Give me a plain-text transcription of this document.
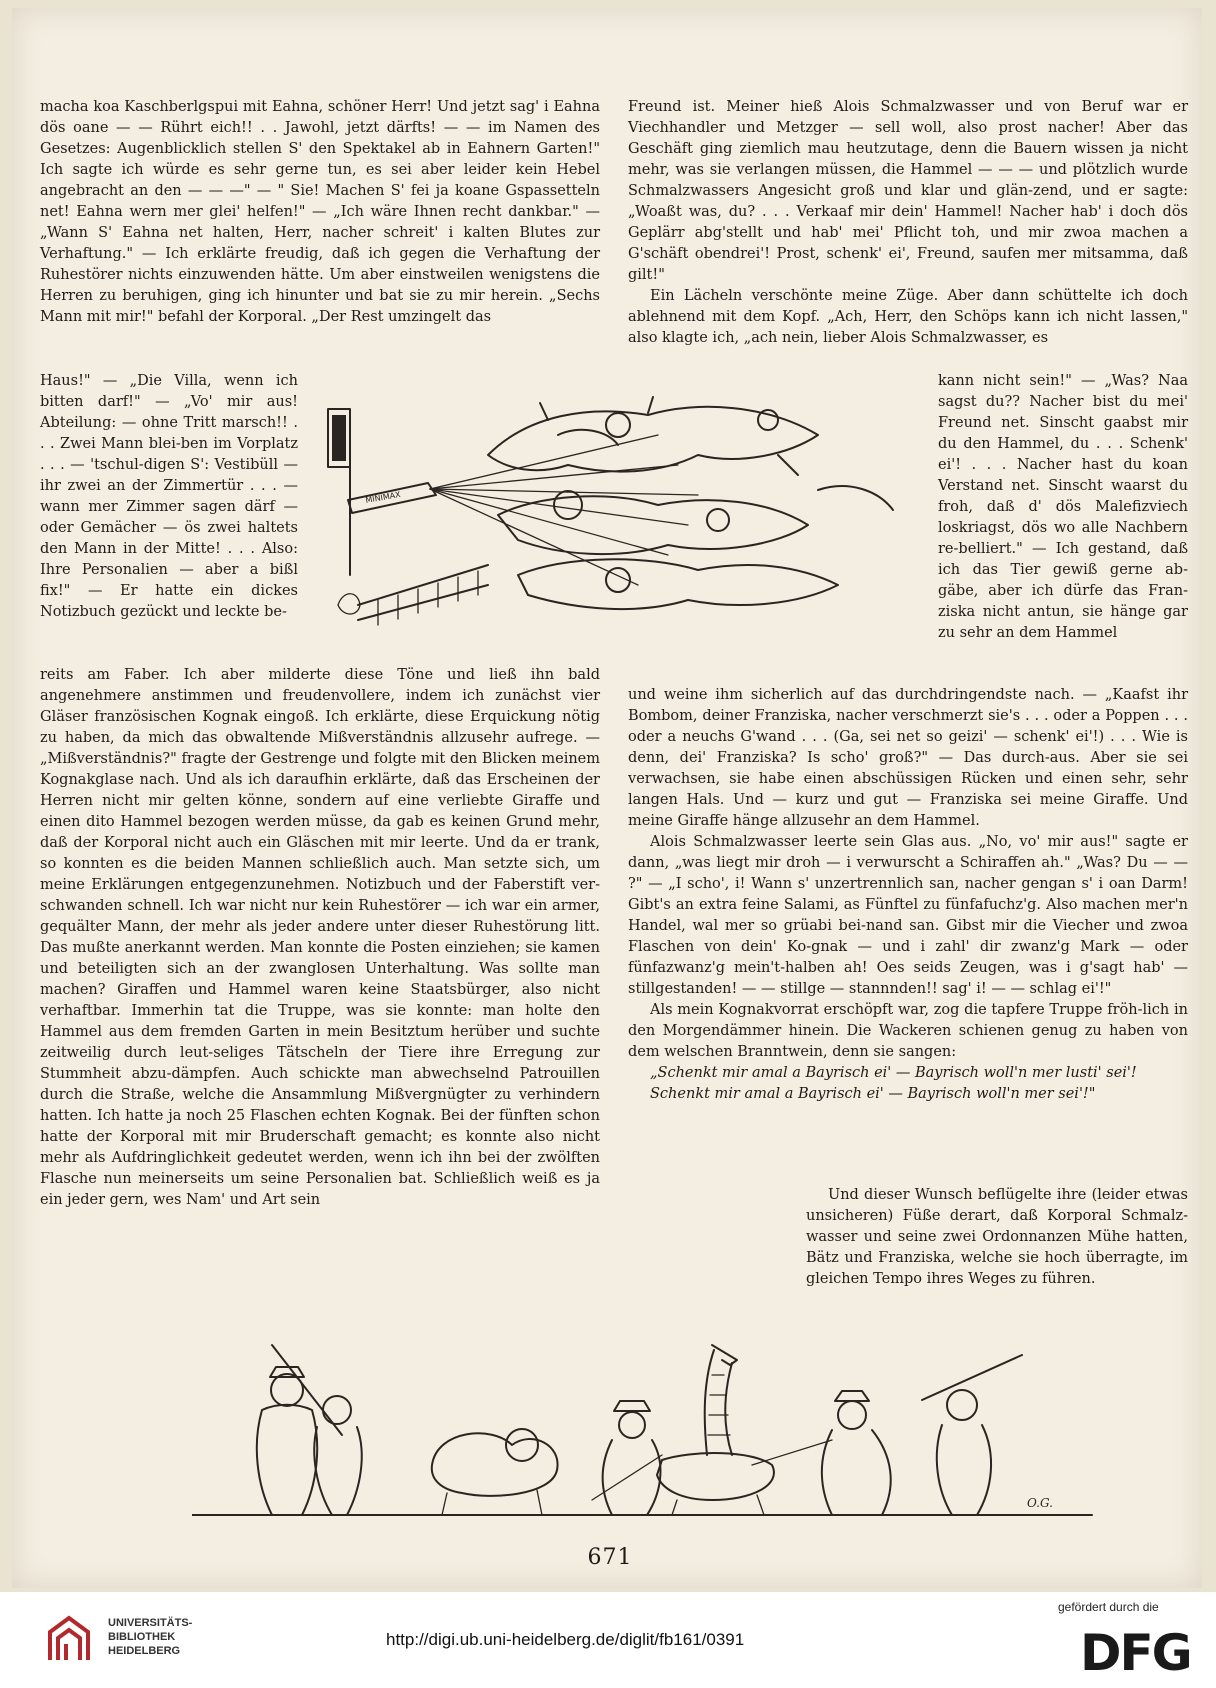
macha koa Kaschberlgspui mit Eahna, schöner Herr! Und jetzt sag' i Eahna dös oane — — Rührt eich!! . . Jawohl, jetzt därfts! — — im Namen des Gesetzes: Augenblicklich stellen S' den Spektakel ab in Eahnern Garten!" Ich sagte ich würde es sehr gerne tun, es sei aber leider kein Hebel angebracht an den — — —" — " Sie! Machen S' fei ja koane Gspassetteln net! Eahna wern mer glei' helfen!" — „Ich wäre Ihnen recht dankbar." — „Wann S' Eahna net halten, Herr, nacher schreit' i kalten Blutes zur Verhaftung." — Ich erklärte freudig, daß ich gegen die Verhaftung der Ruhestörer nichts einzuwenden hätte. Um aber einstweilen wenigstens die Herren zu beruhigen, ging ich hinunter und bat sie zu mir herein. „Sechs Mann mit mir!" befahl der Korporal. „Der Rest umzingelt das

Haus!" — „Die Villa, wenn ich bitten darf!" — „Vo' mir aus! Abteilung: — ohne Tritt marsch!! . . . Zwei Mann blei-ben im Vorplatz . . . — 'tschul-digen S': Vestibüll — ihr zwei an der Zimmertür . . . — wann mer Zimmer sagen därf — oder Gemächer — ös zwei haltets den Mann in der Mitte! . . . Also: Ihre Personalien — aber a bißl fix!" — Er hatte ein dickes Notizbuch gezückt und leckte be-

reits am Faber. Ich aber milderte diese Töne und ließ ihn bald angenehmere anstimmen und freudenvollere, indem ich zunächst vier Gläser französischen Kognak eingoß. Ich erklärte, diese Erquickung nötig zu haben, da mich das obwaltende Mißverständnis allzusehr aufrege. — „Mißverständnis?" fragte der Gestrenge und folgte mit den Blicken meinem Kognakglase nach. Und als ich daraufhin erklärte, daß das Erscheinen der Herren nicht mir gelten könne, sondern auf eine verliebte Giraffe und einen dito Hammel bezogen werden müsse, da gab es keinen Grund mehr, daß der Korporal nicht auch ein Gläschen mit mir leerte. Und da er trank, so konnten es die beiden Mannen schließlich auch. Man setzte sich, um meine Erklärungen entgegenzunehmen. Notizbuch und der Faberstift ver-schwanden schnell. Ich war nicht nur kein Ruhestörer — ich war ein armer, gequälter Mann, der mehr als jeder andere unter dieser Ruhestörung litt. Das mußte anerkannt werden. Man konnte die Posten einziehen; sie kamen und beteiligten sich an der zwanglosen Unterhaltung. Was sollte man machen? Giraffen und Hammel waren keine Staatsbürger, also nicht verhaftbar. Immerhin tat die Truppe, was sie konnte: man holte den Hammel aus dem fremden Garten in mein Besitztum herüber und suchte zeitweilig durch leut-seliges Tätscheln der Tiere ihre Erregung zur Stummheit abzu-dämpfen. Auch schickte man abwechselnd Patrouillen durch die Straße, welche die Ansammlung Mißvergnügter zu verhindern hatten. Ich hatte ja noch 25 Flaschen echten Kognak. Bei der fünften schon hatte der Korporal mit mir Bruderschaft gemacht; es konnte also nicht mehr als Aufdringlichkeit gedeutet werden, wenn ich ihn bei der zwölften Flasche nun meinerseits um seine Personalien bat. Schließlich weiß es ja ein jeder gern, wes Nam' und Art sein

Freund ist. Meiner hieß Alois Schmalzwasser und von Beruf war er Viechhandler und Metzger — sell woll, also prost nacher! Aber das Geschäft ging ziemlich mau heutzutage, denn die Bauern wissen ja nicht mehr, was sie verlangen müssen, die Hammel — — — und plötzlich wurde Schmalzwassers Angesicht groß und klar und glän-zend, und er sagte: „Woaßt was, du? . . . Verkaaf mir dein' Hammel! Nacher hab' i doch dös Geplärr abg'stellt und hab' mei' Pflicht toh, und mir zwoa machen a G'schäft obendrei'! Prost, schenk' ei', Freund, saufen mer mitsamma, daß gilt!"

Ein Lächeln verschönte meine Züge. Aber dann schüttelte ich doch ablehnend mit dem Kopf. „Ach, Herr, den Schöps kann ich nicht lassen," also klagte ich, „ach nein, lieber Alois Schmalzwasser, es

kann nicht sein!" — „Was? Naa sagst du?? Nacher bist du mei' Freund net. Sinscht gaabst mir du den Hammel, du . . . Schenk' ei'! . . . Nacher hast du koan Verstand net. Sinscht waarst du froh, daß d' dös Malefizviech loskriagst, dös wo alle Nachbern re-belliert." — Ich gestand, daß ich das Tier gewiß gerne ab-gäbe, aber ich dürfe das Fran-ziska nicht antun, sie hänge gar zu sehr an dem Hammel

und weine ihm sicherlich auf das durchdringendste nach. — „Kaafst ihr Bombom, deiner Franziska, nacher verschmerzt sie's . . . oder a Poppen . . . oder a neuchs G'wand . . . (Ga, sei net so geizi' — schenk' ei'!) . . . Wie is denn, dei' Franziska? Is scho' groß?" — Das durch-aus. Aber sie sei verwachsen, sie habe einen abschüssigen Rücken und einen sehr, sehr langen Hals. Und — kurz und gut — Franziska sei meine Giraffe. Und meine Giraffe hänge allzusehr an dem Hammel.

Alois Schmalzwasser leerte sein Glas aus. „No, vo' mir aus!" sagte er dann, „was liegt mir droh — i verwurscht a Schiraffen ah." „Was? Du — — ?" — „I scho', i! Wann s' unzertrennlich san, nacher gengan s' i oan Darm! Gibt's an extra feine Salami, as Fünftel zu fünfafuchz'g. Also machen mer'n Handel, wal mer so grüabi bei-nand san. Gibst mir die Viecher und zwoa Flaschen von dein' Ko-gnak — und i zahl' dir zwanz'g Mark — oder fünfazwanz'g mein't-halben ah! Oes seids Zeugen, was i g'sagt hab' — stillgestanden! — — stillge — stannnden!! sag' i! — — schlag ei'!"

Als mein Kognakvorrat erschöpft war, zog die tapfere Truppe fröh-lich in den Morgendämmer hinein. Die Wackeren schienen genug zu haben von dem welschen Branntwein, denn sie sangen:

„Schenkt mir amal a Bayrisch ei' — Bayrisch woll'n mer lusti' sei'!

Schenkt mir amal a Bayrisch ei' — Bayrisch woll'n mer sei'!"

Und dieser Wunsch beflügelte ihre (leider etwas unsicheren) Füße derart, daß Korporal Schmalz-wasser und seine zwei Ordonnanzen Mühe hatten, Bätz und Franziska, welche sie hoch überragte, im gleichen Tempo ihres Weges zu führen.

MINIMAX
O.G.
671
UNIVERSITÄTS-
BIBLIOTHEK
HEIDELBERG
http://digi.ub.uni-heidelberg.de/diglit/fb161/0391
gefördert durch die
DFG
